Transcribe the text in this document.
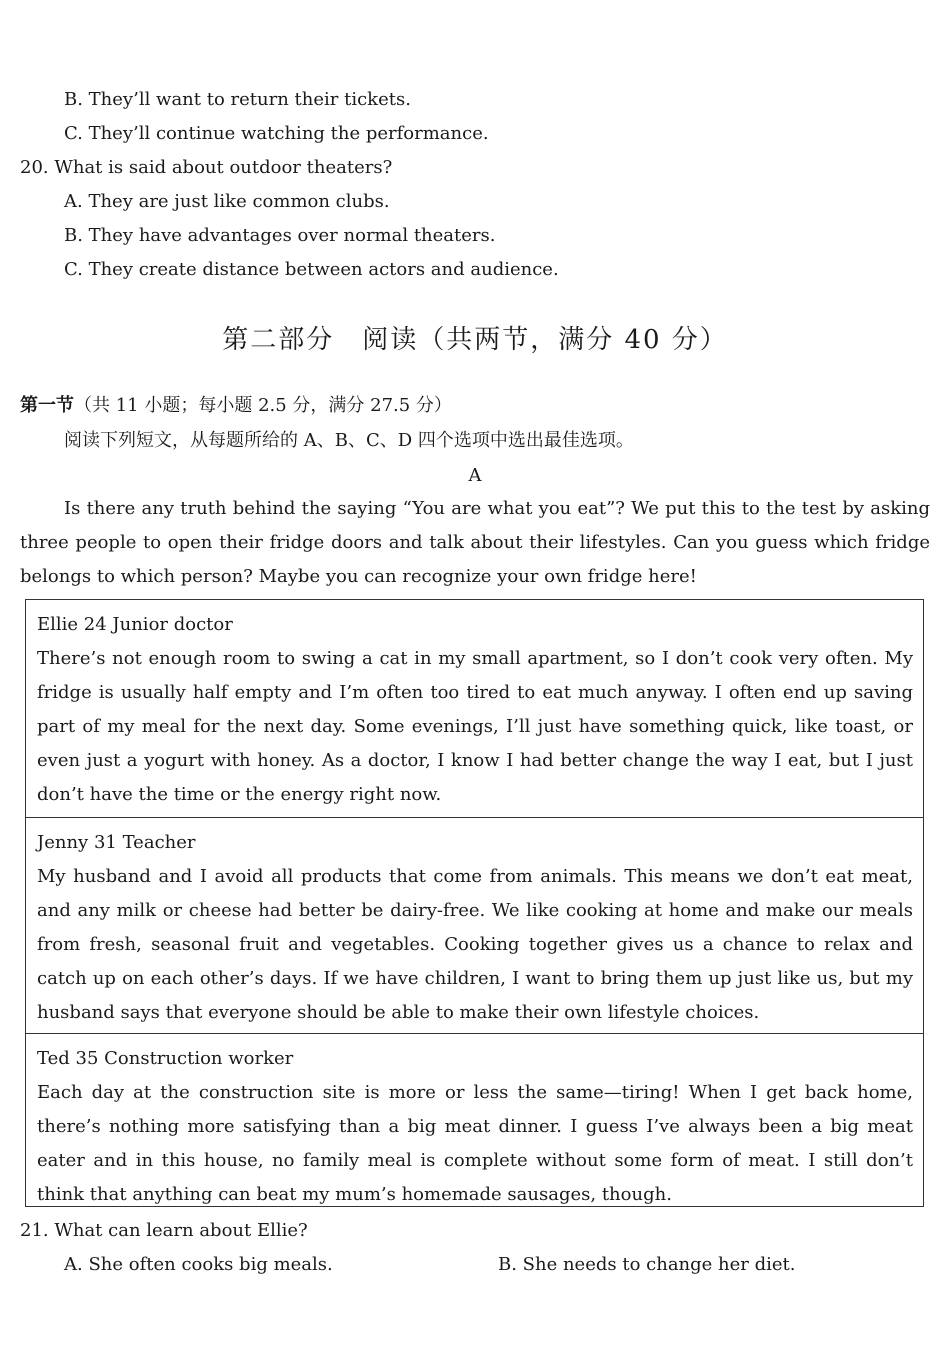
B. They’ll want to return their tickets.
C. They’ll continue watching the performance.
20. What is said about outdoor theaters?
A. They are just like common clubs.
B. They have advantages over normal theaters.
C. They create distance between actors and audience.
第二部分　阅读（共两节，满分 40 分）
第一节（共 11 小题；每小题 2.5 分，满分 27.5 分）
阅读下列短文，从每题所给的 A、B、C、D 四个选项中选出最佳选项。
A
Is there any truth behind the saying “You are what you eat”? We put this to the test by asking three people to open their fridge doors and talk about their lifestyles. Can you guess which fridge belongs to which person? Maybe you can recognize your own fridge here!
Ellie 24 Junior doctor
There’s not enough room to swing a cat in my small apartment, so I don’t cook very often. My fridge is usually half empty and I’m often too tired to eat much anyway. I often end up saving part of my meal for the next day. Some evenings, I’ll just have something quick, like toast, or even just a yogurt with honey. As a doctor, I know I had better change the way I eat, but I just don’t have the time or the energy right now.
Jenny 31 Teacher
My husband and I avoid all products that come from animals. This means we don’t eat meat, and any milk or cheese had better be dairy-free. We like cooking at home and make our meals from fresh, seasonal fruit and vegetables. Cooking together gives us a chance to relax and catch up on each other’s days. If we have children, I want to bring them up just like us, but my husband says that everyone should be able to make their own lifestyle choices.
Ted 35 Construction worker
Each day at the construction site is more or less the same—tiring! When I get back home, there’s nothing more satisfying than a big meat dinner. I guess I’ve always been a big meat eater and in this house, no family meal is complete without some form of meat. I still don’t think that anything can beat my mum’s homemade sausages, though.
21. What can learn about Ellie?
A. She often cooks big meals.	B. She needs to change her diet.
